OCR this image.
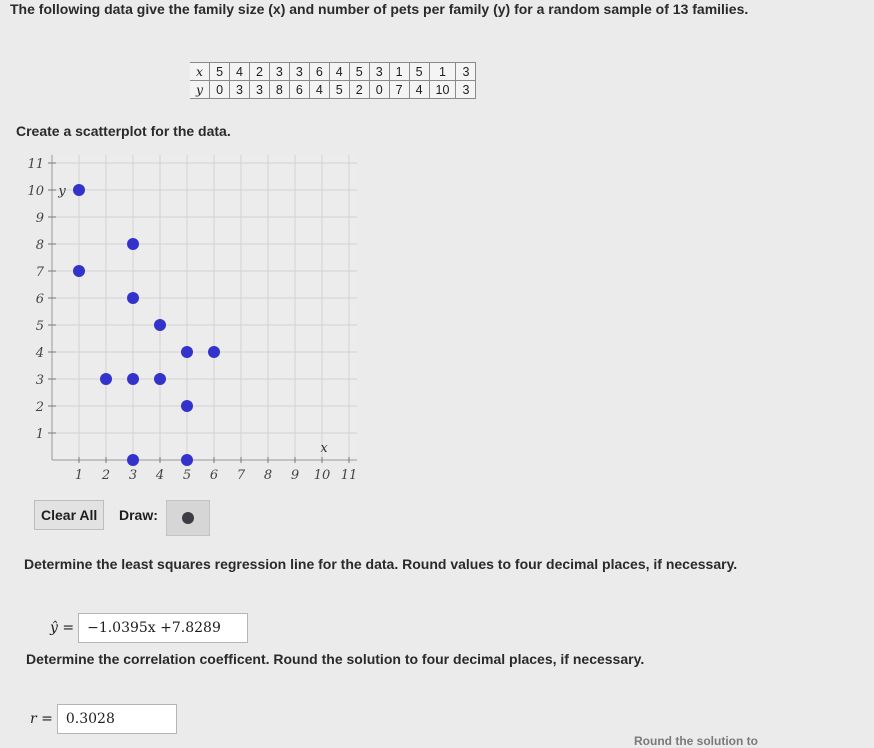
The following data give the family size (x) and number of pets per family (y) for a random sample of 13 families.
x	5	4	2	3	3	6	4	5	3	1	5	1	3
y	0	3	3	8	6	4	5	2	0	7	4	10	3
Create a scatterplot for the data.
1 2 3 4 5 6 7 8 9 10 11
1
2
3
4
5
6
7
8
9
10
11
x
y
Clear All	Draw:
Determine the least squares regression line for the data. Round values to four decimal places, if necessary.
ŷ = −1.0395x +7.8289
Determine the correlation coefficent. Round the solution to four decimal places, if necessary.
r = 0.3028
Round the solution to
